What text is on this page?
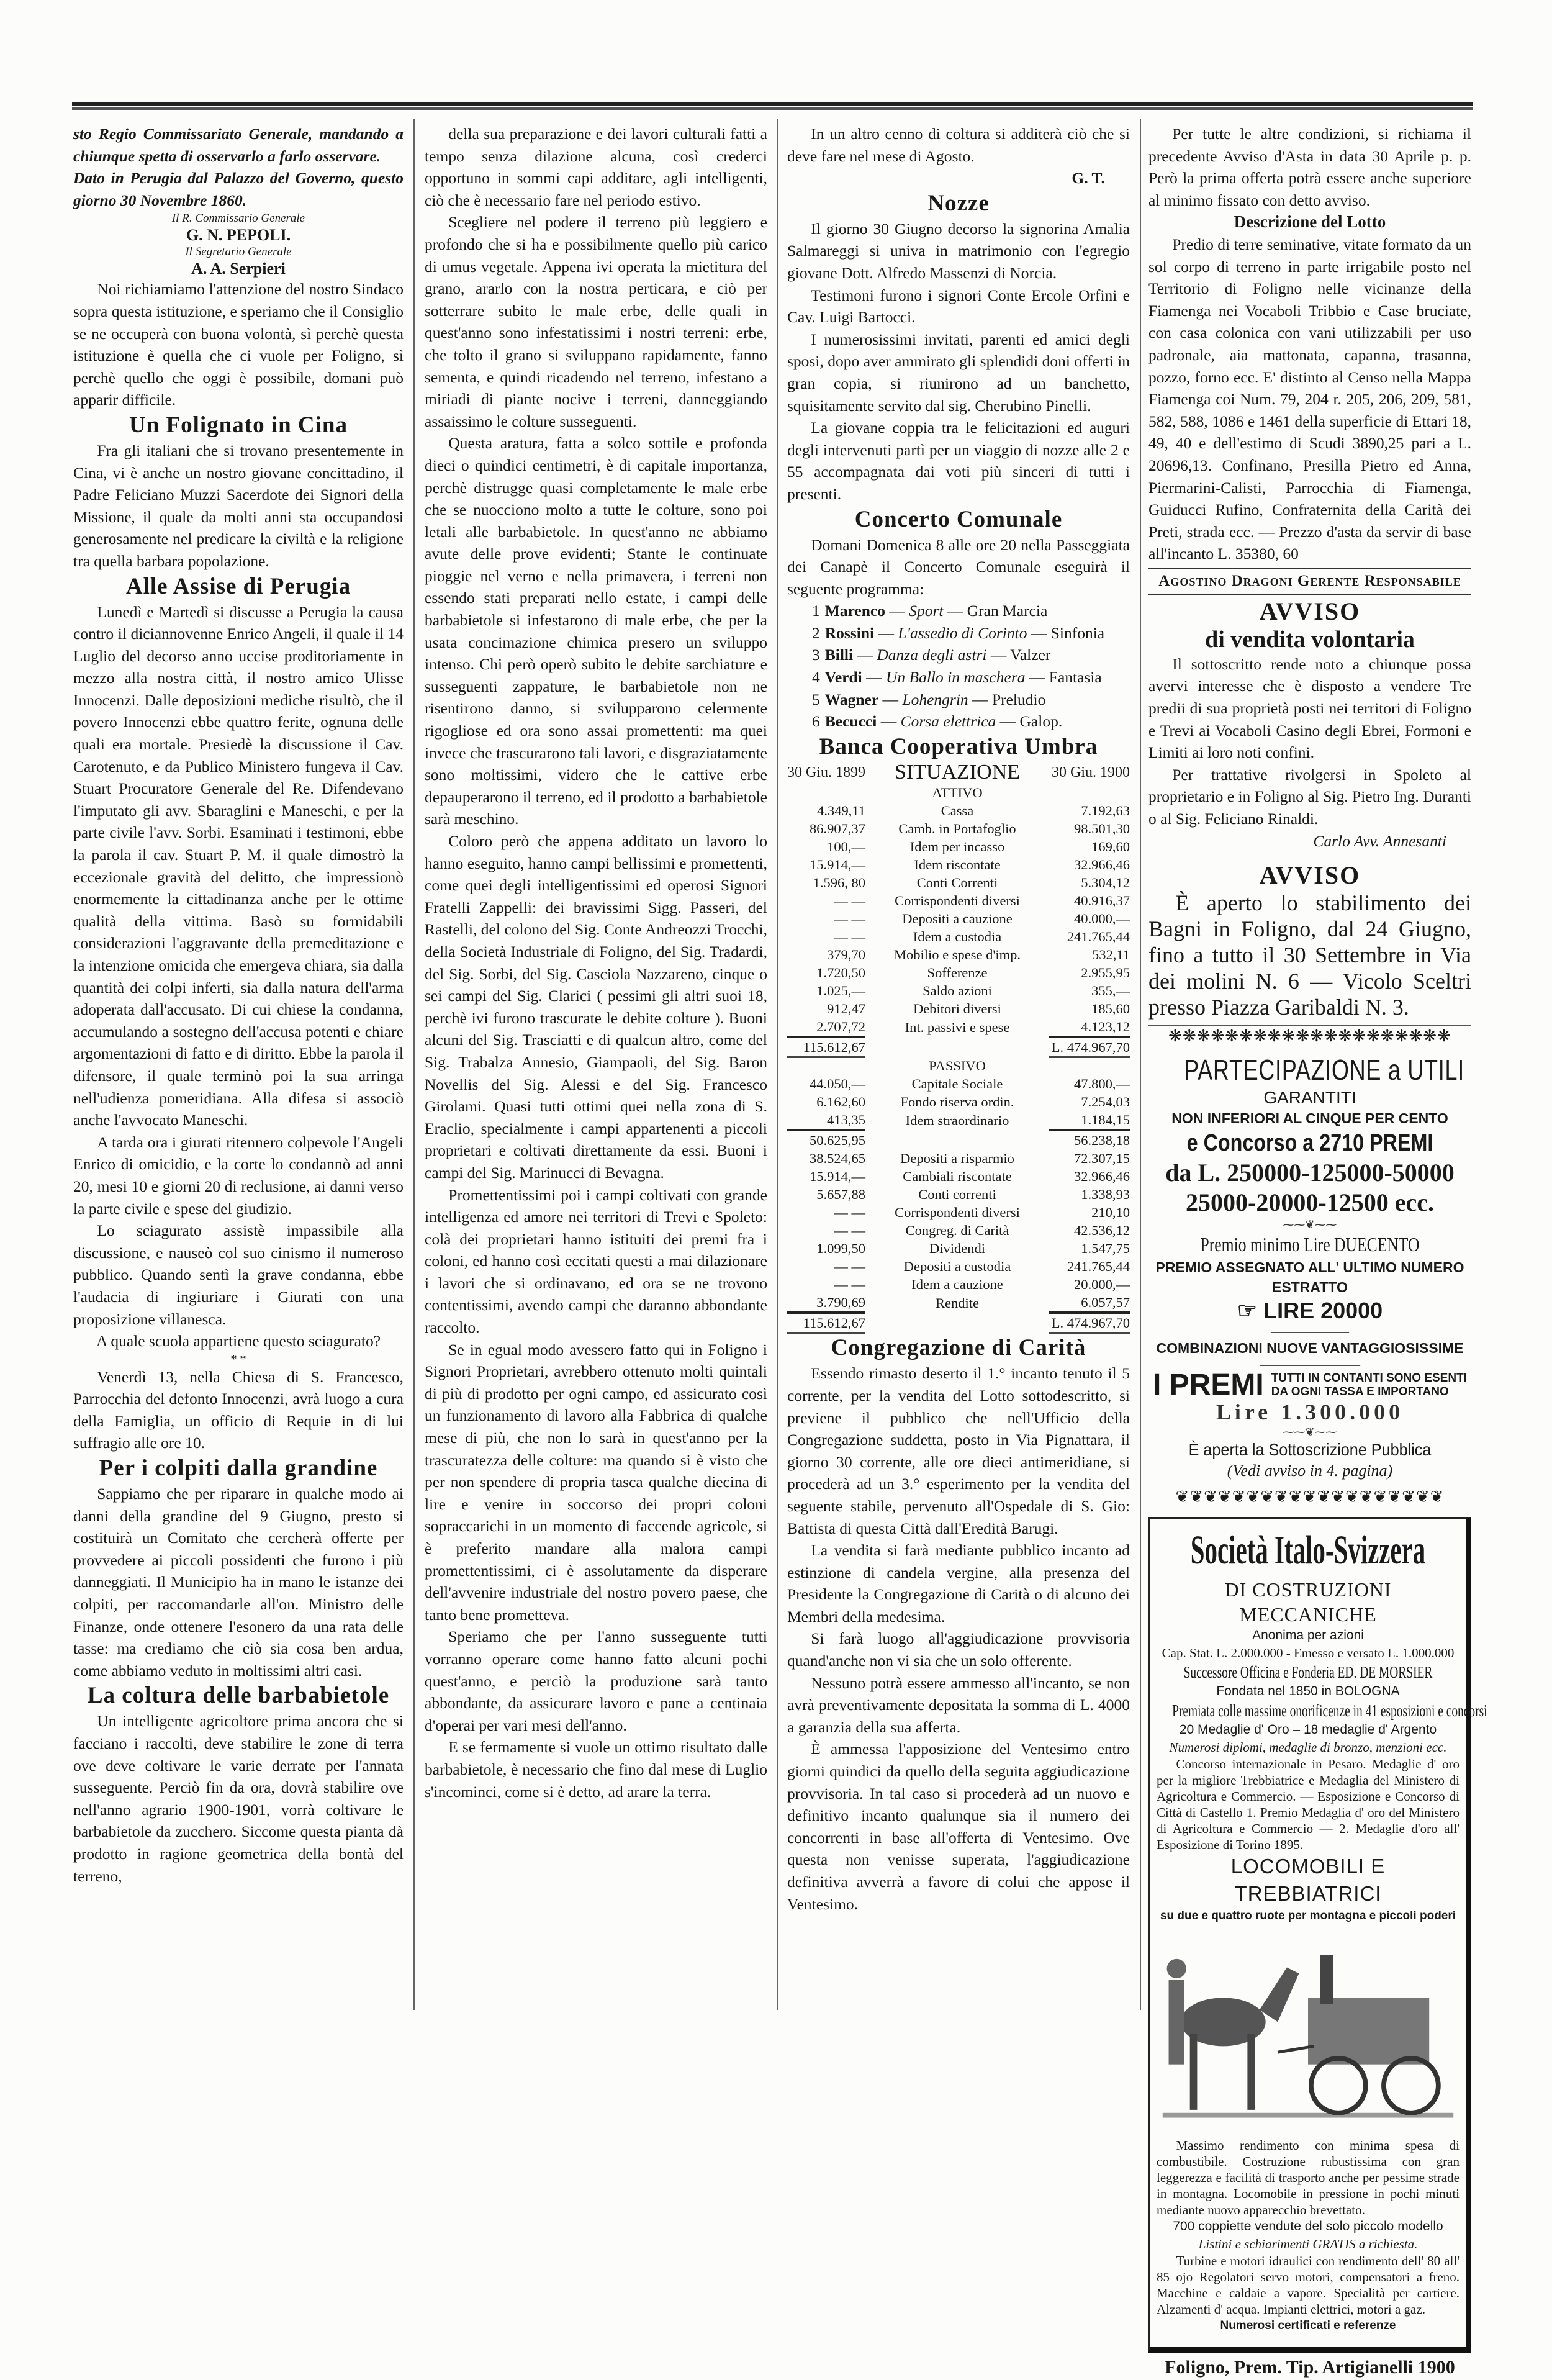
sto Regio Commissariato Generale, mandando a chiunque spetta di osservarlo a farlo osservare.
Dato in Perugia dal Palazzo del Governo, questo giorno 30 Novembre 1860.
Il R. Commissario Generale
G. N. PEPOLI.
Il Segretario Generale
A. A. Serpieri
Noi richiamiamo l'attenzione del nostro Sindaco sopra questa istituzione, e speriamo che il Consiglio se ne occuperà con buona volontà, sì perchè questa istituzione è quella che ci vuole per Foligno, sì perchè quello che oggi è possibile, domani può apparir difficile.
Un Folignato in Cina
Fra gli italiani che si trovano presentemente in Cina, vi è anche un nostro giovane concittadino, il Padre Feliciano Muzzi Sacerdote dei Signori della Missione, il quale da molti anni sta occupandosi generosamente nel predicare la civiltà e la religione tra quella barbara popolazione.
Alle Assise di Perugia
Lunedì e Martedì si discusse a Perugia la causa contro il diciannovenne Enrico Angeli, il quale il 14 Luglio del decorso anno uccise proditoriamente in mezzo alla nostra città, il nostro amico Ulisse Innocenzi. Dalle deposizioni mediche risultò, che il povero Innocenzi ebbe quattro ferite, ognuna delle quali era mortale. Presiedè la discussione il Cav. Carotenuto, e da Publico Ministero fungeva il Cav. Stuart Procuratore Generale del Re. Difendevano l'imputato gli avv. Sbaraglini e Maneschi, e per la parte civile l'avv. Sorbi. Esaminati i testimoni, ebbe la parola il cav. Stuart P. M. il quale dimostrò la eccezionale gravità del delitto, che impressionò enormemente la cittadinanza anche per le ottime qualità della vittima. Basò su formidabili considerazioni l'aggravante della premeditazione e la intenzione omicida che emergeva chiara, sia dalla quantità dei colpi inferti, sia dalla natura dell'arma adoperata dall'accusato. Di cui chiese la condanna, accumulando a sostegno dell'accusa potenti e chiare argomentazioni di fatto e di diritto. Ebbe la parola il difensore, il quale terminò poi la sua arringa nell'udienza pomeridiana. Alla difesa si associò anche l'avvocato Maneschi.
A tarda ora i giurati ritennero colpevole l'Angeli Enrico di omicidio, e la corte lo condannò ad anni 20, mesi 10 e giorni 20 di reclusione, ai danni verso la parte civile e spese del giudizio.
Lo sciagurato assistè impassibile alla discussione, e nauseò col suo cinismo il numeroso pubblico. Quando sentì la grave condanna, ebbe l'audacia di ingiuriare i Giurati con una proposizione villanesca.
A quale scuola appartiene questo sciagurato?
* *
Venerdì 13, nella Chiesa di S. Francesco, Parrocchia del defonto Innocenzi, avrà luogo a cura della Famiglia, un officio di Requie in di lui suffragio alle ore 10.
Per i colpiti dalla grandine
Sappiamo che per riparare in qualche modo ai danni della grandine del 9 Giugno, presto si costituirà un Comitato che cercherà offerte per provvedere ai piccoli possidenti che furono i più danneggiati. Il Municipio ha in mano le istanze dei colpiti, per raccomandarle all'on. Ministro delle Finanze, onde ottenere l'esonero da una rata delle tasse: ma crediamo che ciò sia cosa ben ardua, come abbiamo veduto in moltissimi altri casi.
La coltura delle barbabietole
Un intelligente agricoltore prima ancora che si facciano i raccolti, deve stabilire le zone di terra ove deve coltivare le varie derrate per l'annata susseguente. Perciò fin da ora, dovrà stabilire ove nell'anno agrario 1900-1901, vorrà coltivare le barbabietole da zucchero. Siccome questa pianta dà prodotto in ragione geometrica della bontà del terreno,
della sua preparazione e dei lavori culturali fatti a tempo senza dilazione alcuna, così crederci opportuno in sommi capi additare, agli intelligenti, ciò che è necessario fare nel periodo estivo.
Scegliere nel podere il terreno più leggiero e profondo che si ha e possibilmente quello più carico di umus vegetale. Appena ivi operata la mietitura del grano, ararlo con la nostra perticara, e ciò per sotterrare subito le male erbe, delle quali in quest'anno sono infestatissimi i nostri terreni: erbe, che tolto il grano si sviluppano rapidamente, fanno sementa, e quindi ricadendo nel terreno, infestano a miriadi di piante nocive i terreni, danneggiando assaissimo le colture susseguenti.
Questa aratura, fatta a solco sottile e profonda dieci o quindici centimetri, è di capitale importanza, perchè distrugge quasi completamente le male erbe che se nuocciono molto a tutte le colture, sono poi letali alle barbabietole. In quest'anno ne abbiamo avute delle prove evidenti; Stante le continuate pioggie nel verno e nella primavera, i terreni non essendo stati preparati nello estate, i campi delle barbabietole si infestarono di male erbe, che per la usata concimazione chimica presero un sviluppo intenso. Chi però operò subito le debite sarchiature e susseguenti zappature, le barbabietole non ne risentirono danno, si svilupparono celermente rigogliose ed ora sono assai promettenti: ma quei invece che trascurarono tali lavori, e disgraziatamente sono moltissimi, videro che le cattive erbe depauperarono il terreno, ed il prodotto a barbabietole sarà meschino.
Coloro però che appena additato un lavoro lo hanno eseguito, hanno campi bellissimi e promettenti, come quei degli intelligentissimi ed operosi Signori Fratelli Zappelli: dei bravissimi Sigg. Passeri, del Rastelli, del colono del Sig. Conte Andreozzi Trocchi, della Società Industriale di Foligno, del Sig. Tradardi, del Sig. Sorbi, del Sig. Casciola Nazzareno, cinque o sei campi del Sig. Clarici ( pessimi gli altri suoi 18, perchè ivi furono trascurate le debite colture ). Buoni alcuni del Sig. Trasciatti e di qualcun altro, come del Sig. Trabalza Annesio, Giampaoli, del Sig. Baron Novellis del Sig. Alessi e del Sig. Francesco Girolami. Quasi tutti ottimi quei nella zona di S. Eraclio, specialmente i campi appartenenti a piccoli proprietari e coltivati direttamente da essi. Buoni i campi del Sig. Marinucci di Bevagna.
Promettentissimi poi i campi coltivati con grande intelligenza ed amore nei territori di Trevi e Spoleto: colà dei proprietari hanno istituiti dei premi fra i coloni, ed hanno così eccitati questi a mai dilazionare i lavori che si ordinavano, ed ora se ne trovono contentissimi, avendo campi che daranno abbondante raccolto.
Se in egual modo avessero fatto qui in Foligno i Signori Proprietari, avrebbero ottenuto molti quintali di più di prodotto per ogni campo, ed assicurato così un funzionamento di lavoro alla Fabbrica di qualche mese di più, che non lo sarà in quest'anno per la trascuratezza delle colture: ma quando si è visto che per non spendere di propria tasca qualche diecina di lire e venire in soccorso dei propri coloni sopraccarichi in un momento di faccende agricole, si è preferito mandare alla malora campi promettentissimi, ci è assolutamente da disperare dell'avvenire industriale del nostro povero paese, che tanto bene prometteva.
Speriamo che per l'anno susseguente tutti vorranno operare come hanno fatto alcuni pochi quest'anno, e perciò la produzione sarà tanto abbondante, da assicurare lavoro e pane a centinaia d'operai per vari mesi dell'anno.
E se fermamente si vuole un ottimo risultato dalle barbabietole, è necessario che fino dal mese di Luglio s'incominci, come si è detto, ad arare la terra.
In un altro cenno di coltura si additerà ciò che si deve fare nel mese di Agosto.
G. T.
Nozze
Il giorno 30 Giugno decorso la signorina Amalia Salmareggi si univa in matrimonio con l'egregio giovane Dott. Alfredo Massenzi di Norcia.
Testimoni furono i signori Conte Ercole Orfini e Cav. Luigi Bartocci.
I numerosissimi invitati, parenti ed amici degli sposi, dopo aver ammirato gli splendidi doni offerti in gran copia, si riunirono ad un banchetto, squisitamente servito dal sig. Cherubino Pinelli.
La giovane coppia tra le felicitazioni ed auguri degli intervenuti partì per un viaggio di nozze alle 2 e 55 accompagnata dai voti più sinceri di tutti i presenti.
Concerto Comunale
Domani Domenica 8 alle ore 20 nella Passeggiata dei Canapè il Concerto Comunale eseguirà il seguente programma:
1 Marenco — Sport — Gran Marcia
2 Rossini — L'assedio di Corinto — Sinfonia
3 Billi — Danza degli astri — Valzer
4 Verdi — Un Ballo in maschera — Fantasia
5 Wagner — Lohengrin — Preludio
6 Becucci — Corsa elettrica — Galop.
Banca Cooperativa Umbra
30 Giu. 1899	SITUAZIONE	30 Giu. 1900
	ATTIVO	
4.349,11	Cassa	7.192,63
86.907,37	Camb. in Portafoglio	98.501,30
100,—	Idem per incasso	169,60
15.914,—	Idem riscontate	32.966,46
1.596, 80	Conti Correnti	5.304,12
— —	Corrispondenti diversi	40.916,37
— —	Depositi a cauzione	40.000,—
— —	Idem a custodia	241.765,44
379,70	Mobilio e spese d'imp.	532,11
1.720,50	Sofferenze	2.955,95
1.025,—	Saldo azioni	355,—
912,47	Debitori diversi	185,60
2.707,72	Int. passivi e spese	4.123,12
115.612,67		L. 474.967,70
	PASSIVO	
44.050,—	Capitale Sociale	47.800,—
6.162,60	Fondo riserva ordin.	7.254,03
413,35	Idem straordinario	1.184,15
50.625,95		56.238,18
38.524,65	Depositi a risparmio	72.307,15
15.914,—	Cambiali riscontate	32.966,46
5.657,88	Conti correnti	1.338,93
— —	Corrispondenti diversi	210,10
— —	Congreg. di Carità	42.536,12
1.099,50	Dividendi	1.547,75
— —	Depositi a custodia	241.765,44
— —	Idem a cauzione	20.000,—
3.790,69	Rendite	6.057,57
115.612,67		L. 474.967,70
Congregazione di Carità
Essendo rimasto deserto il 1.° incanto tenuto il 5 corrente, per la vendita del Lotto sottodescritto, si previene il pubblico che nell'Ufficio della Congregazione suddetta, posto in Via Pignattara, il giorno 30 corrente, alle ore dieci antimeridiane, si procederà ad un 3.° esperimento per la vendita del seguente stabile, pervenuto all'Ospedale di S. Gio: Battista di questa Città dall'Eredità Barugi.
La vendita si farà mediante pubblico incanto ad estinzione di candela vergine, alla presenza del Presidente la Congregazione di Carità o di alcuno dei Membri della medesima.
Si farà luogo all'aggiudicazione provvisoria quand'anche non vi sia che un solo offerente.
Nessuno potrà essere ammesso all'incanto, se non avrà preventivamente depositata la somma di L. 4000 a garanzia della sua afferta.
È ammessa l'apposizione del Ventesimo entro giorni quindici da quello della seguita aggiudicazione provvisoria. In tal caso si procederà ad un nuovo e definitivo incanto qualunque sia il numero dei concorrenti in base all'offerta di Ventesimo. Ove questa non venisse superata, l'aggiudicazione definitiva avverrà a favore di colui che appose il Ventesimo.
Per tutte le altre condizioni, si richiama il precedente Avviso d'Asta in data 30 Aprile p. p. Però la prima offerta potrà essere anche superiore al minimo fissato con detto avviso.
Descrizione del Lotto
Predio di terre seminative, vitate formato da un sol corpo di terreno in parte irrigabile posto nel Territorio di Foligno nelle vicinanze della Fiamenga nei Vocaboli Tribbio e Case bruciate, con casa colonica con vani utilizzabili per uso padronale, aia mattonata, capanna, trasanna, pozzo, forno ecc. E' distinto al Censo nella Mappa Fiamenga coi Num. 79, 204 r. 205, 206, 209, 581, 582, 588, 1086 e 1461 della superficie di Ettari 18, 49, 40 e dell'estimo di Scudi 3890,25 pari a L. 20696,13. Confinano, Presilla Pietro ed Anna, Piermarini-Calisti, Parrocchia di Fiamenga, Guiducci Rufino, Confraternita della Carità dei Preti, strada ecc. — Prezzo d'asta da servir di base all'incanto L. 35380, 60
Agostino Dragoni Gerente Responsabile
AVVISO
di vendita volontaria
Il sottoscritto rende noto a chiunque possa avervi interesse che è disposto a vendere Tre predii di sua proprietà posti nei territori di Foligno e Trevi ai Vocaboli Casino degli Ebrei, Formoni e Limiti ai loro noti confini.
Per trattative rivolgersi in Spoleto al proprietario e in Foligno al Sig. Pietro Ing. Duranti o al Sig. Feliciano Rinaldi.
Carlo Avv. Annesanti
AVVISO
È aperto lo stabilimento dei Bagni in Foligno, dal 24 Giugno, fino a tutto il 30 Settembre in Via dei molini N. 6 — Vicolo Sceltri presso Piazza Garibaldi N. 3.
❋❋❋❋❋❋❋❋❋❋❋❋❋❋❋❋❋❋❋❋
PARTECIPAZIONE a UTILI
GARANTITI
NON INFERIORI AL CINQUE PER CENTO
e Concorso a 2710 PREMI
da L. 250000-125000-50000
25000-20000-12500 ecc.
⁓⁓❦⁓⁓
Premio minimo Lire DUECENTO
PREMIO ASSEGNATO ALL' ULTIMO NUMERO
ESTRATTO
☞ LIRE 20000
―――――――
COMBINAZIONI NUOVE VANTAGGIOSISSIME
―――――――――
I PREMI TUTTI IN CONTANTI SONO ESENTI
DA OGNI TASSA E IMPORTANO
Lire 1.300.000
⁓⁓❦⁓⁓
È aperta la Sottoscrizione Pubblica
(Vedi avviso in 4. pagina)
❦❦❦❦❦❦❦❦❦❦❦❦❦❦❦❦❦❦❦
Società Italo-Svizzera
DI COSTRUZIONI MECCANICHE
Anonima per azioni
Cap. Stat. L. 2.000.000 - Emesso e versato L. 1.000.000
Successore Officina e Fonderia ED. DE MORSIER
Fondata nel 1850 in BOLOGNA
Premiata colle massime onorificenze in 41 esposizioni e concorsi
20 Medaglie d' Oro – 18 medaglie d' Argento
Numerosi diplomi, medaglie di bronzo, menzioni ecc.
Concorso internazionale in Pesaro. Medaglie d' oro per la migliore Trebbiatrice e Medaglia del Ministero di Agricoltura e Commercio. — Esposizione e Concorso di Città di Castello 1. Premio Medaglia d' oro del Ministero di Agricoltura e Commercio — 2. Medaglie d'oro all' Esposizione di Torino 1895.
LOCOMOBILI E TREBBIATRICI
su due e quattro ruote per montagna e piccoli poderi
Massimo rendimento con minima spesa di combustibile. Costruzione rubustissima con gran leggerezza e facilità di trasporto anche per pessime strade in montagna. Locomobile in pressione in pochi minuti mediante nuovo apparecchio brevettato.
700 coppiette vendute del solo piccolo modello
Listini e schiarimenti GRATIS a richiesta.
Turbine e motori idraulici con rendimento dell' 80 all' 85 ojo Regolatori servo motori, compensatori a freno. Macchine e caldaie a vapore. Specialità per cartiere. Alzamenti d' acqua. Impianti elettrici, motori a gaz.
Numerosi certificati e referenze
Foligno, Prem. Tip. Artigianelli 1900
